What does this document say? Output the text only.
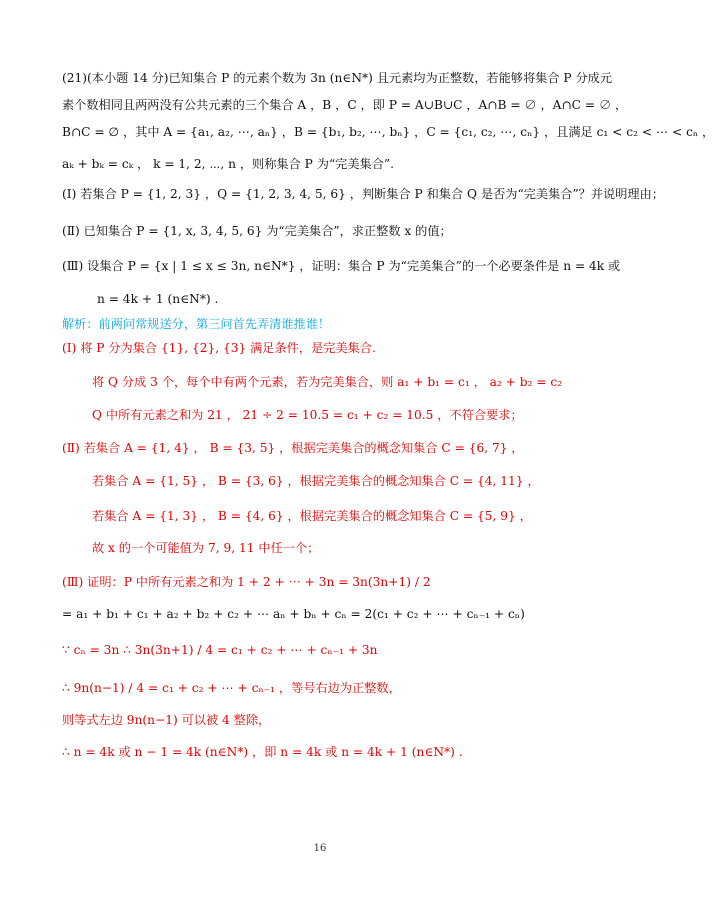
(21)(本小题 14 分)已知集合 P 的元素个数为 3n (n∈N*) 且元素均为正整数，若能够将集合 P 分成元
素个数相同且两两没有公共元素的三个集合 A ，B ，C ，即 P = A∪B∪C ，A∩B = ∅ ，A∩C = ∅ ，
B∩C = ∅ ，其中 A = {a₁, a₂, ⋯, aₙ} ，B = {b₁, b₂, ⋯, bₙ} ，C = {c₁, c₂, ⋯, cₙ} ，且满足 c₁ < c₂ < ⋯ < cₙ ，
aₖ + bₖ = cₖ ， k = 1, 2, ⋯, n ，则称集合 P 为“完美集合”.
(Ⅰ) 若集合 P = {1, 2, 3} ，Q = {1, 2, 3, 4, 5, 6} ，判断集合 P 和集合 Q 是否为“完美集合”？并说明理由；
(Ⅱ) 已知集合 P = {1, x, 3, 4, 5, 6} 为“完美集合”，求正整数 x 的值；
(Ⅲ) 设集合 P = {x | 1 ≤ x ≤ 3n, n∈N*} ，证明：集合 P 为“完美集合”的一个必要条件是 n = 4k 或
n = 4k + 1 (n∈N*) .
解析：前两问常规送分，第三问首先弄清谁推谁！
(Ⅰ) 将 P 分为集合 {1}, {2}, {3} 满足条件，是完美集合.
将 Q 分成 3 个，每个中有两个元素，若为完美集合，则 a₁ + b₁ = c₁ ， a₂ + b₂ = c₂
Q 中所有元素之和为 21 ， 21 ÷ 2 = 10.5 = c₁ + c₂ = 10.5 ，不符合要求；
(Ⅱ) 若集合 A = {1, 4} ， B = {3, 5} ，根据完美集合的概念知集合 C = {6, 7} ，
若集合 A = {1, 5} ， B = {3, 6} ，根据完美集合的概念知集合 C = {4, 11} ，
若集合 A = {1, 3} ， B = {4, 6} ，根据完美集合的概念知集合 C = {5, 9} ，
故 x 的一个可能值为 7, 9, 11 中任一个；
(Ⅲ) 证明：P 中所有元素之和为 1 + 2 + ⋯ + 3n = 3n(3n+1) / 2
= a₁ + b₁ + c₁ + a₂ + b₂ + c₂ + ⋯ aₙ + bₙ + cₙ = 2(c₁ + c₂ + ⋯ + cₙ₋₁ + cₙ)
∵ cₙ = 3n ∴ 3n(3n+1) / 4 = c₁ + c₂ + ⋯ + cₙ₋₁ + 3n
∴ 9n(n−1) / 4 = c₁ + c₂ + ⋯ + cₙ₋₁ ，等号右边为正整数，
则等式左边 9n(n−1) 可以被 4 整除，
∴ n = 4k 或 n − 1 = 4k (n∈N*) ，即 n = 4k 或 n = 4k + 1 (n∈N*) .
16
